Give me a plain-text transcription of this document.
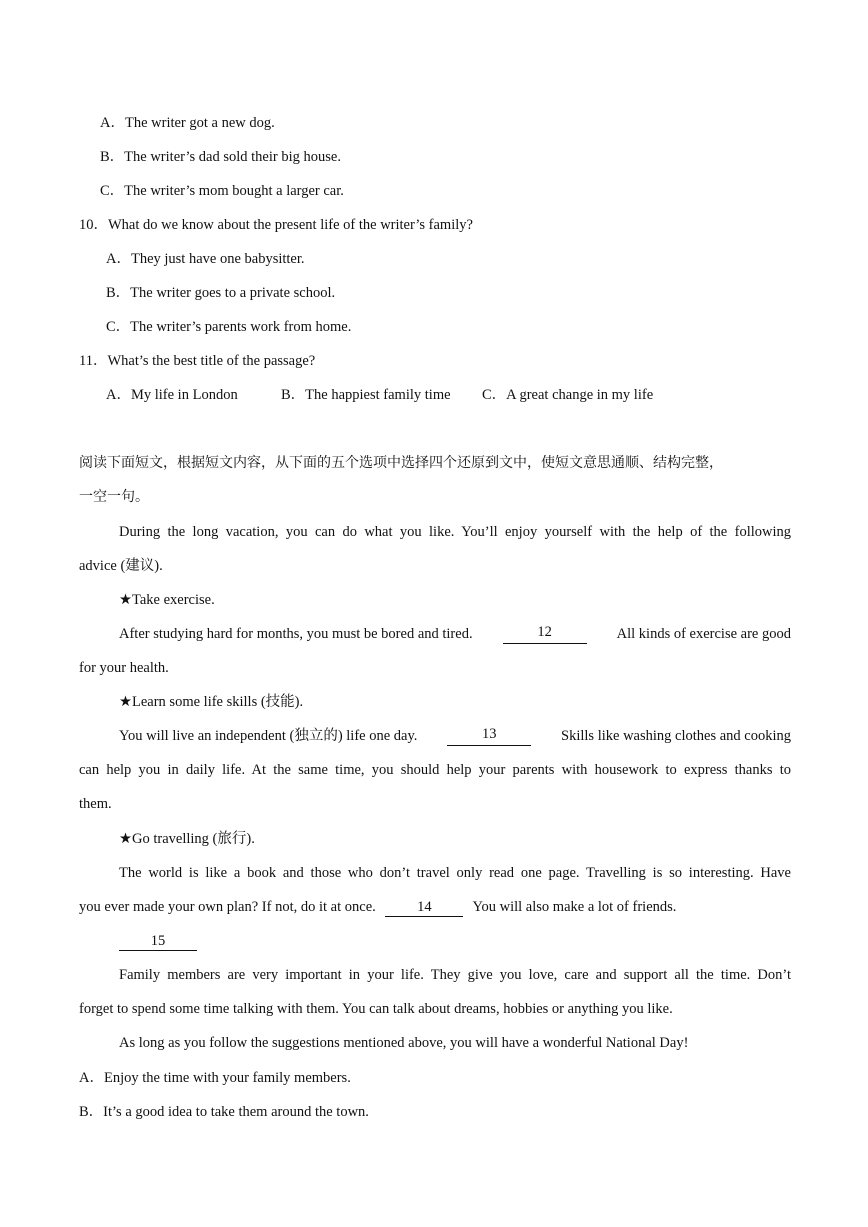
A．The writer got a new dog.
B．The writer’s dad sold their big house.
C．The writer’s mom bought a larger car.
10．What do we know about the present life of the writer’s family?
A．They just have one babysitter.
B．The writer goes to a private school.
C．The writer’s parents work from home.
11．What’s the best title of the passage?
A．My life in London	B．The happiest family time C．A great change in my life
阅读下面短文，根据短文内容，从下面的五个选项中选择四个还原到文中，使短文意思通顺、结构完整，
一空一句。
During the long vacation, you can do what you like. You’ll enjoy yourself with the help of the following
advice (建议).
★Take exercise.
After studying hard for months, you must be bored and tired.	12	All kinds of exercise are good
for your health.
★Learn some life skills (技能).
You will live an independent (独立的) life one day.	13	Skills like washing clothes and cooking
can help you in daily life. At the same time, you should help your parents with housework to express thanks to
them.
★Go travelling (旅行).
The world is like a book and those who don’t travel only read one page. Travelling is so interesting. Have
you ever made your own plan? If not, do it at once.	14	You will also make a lot of friends.
15
Family members are very important in your life. They give you love, care and support all the time. Don’t
forget to spend some time talking with them. You can talk about dreams, hobbies or anything you like.
As long as you follow the suggestions mentioned above, you will have a wonderful National Day!
A．Enjoy the time with your family members.
B．It’s a good idea to take them around the town.
